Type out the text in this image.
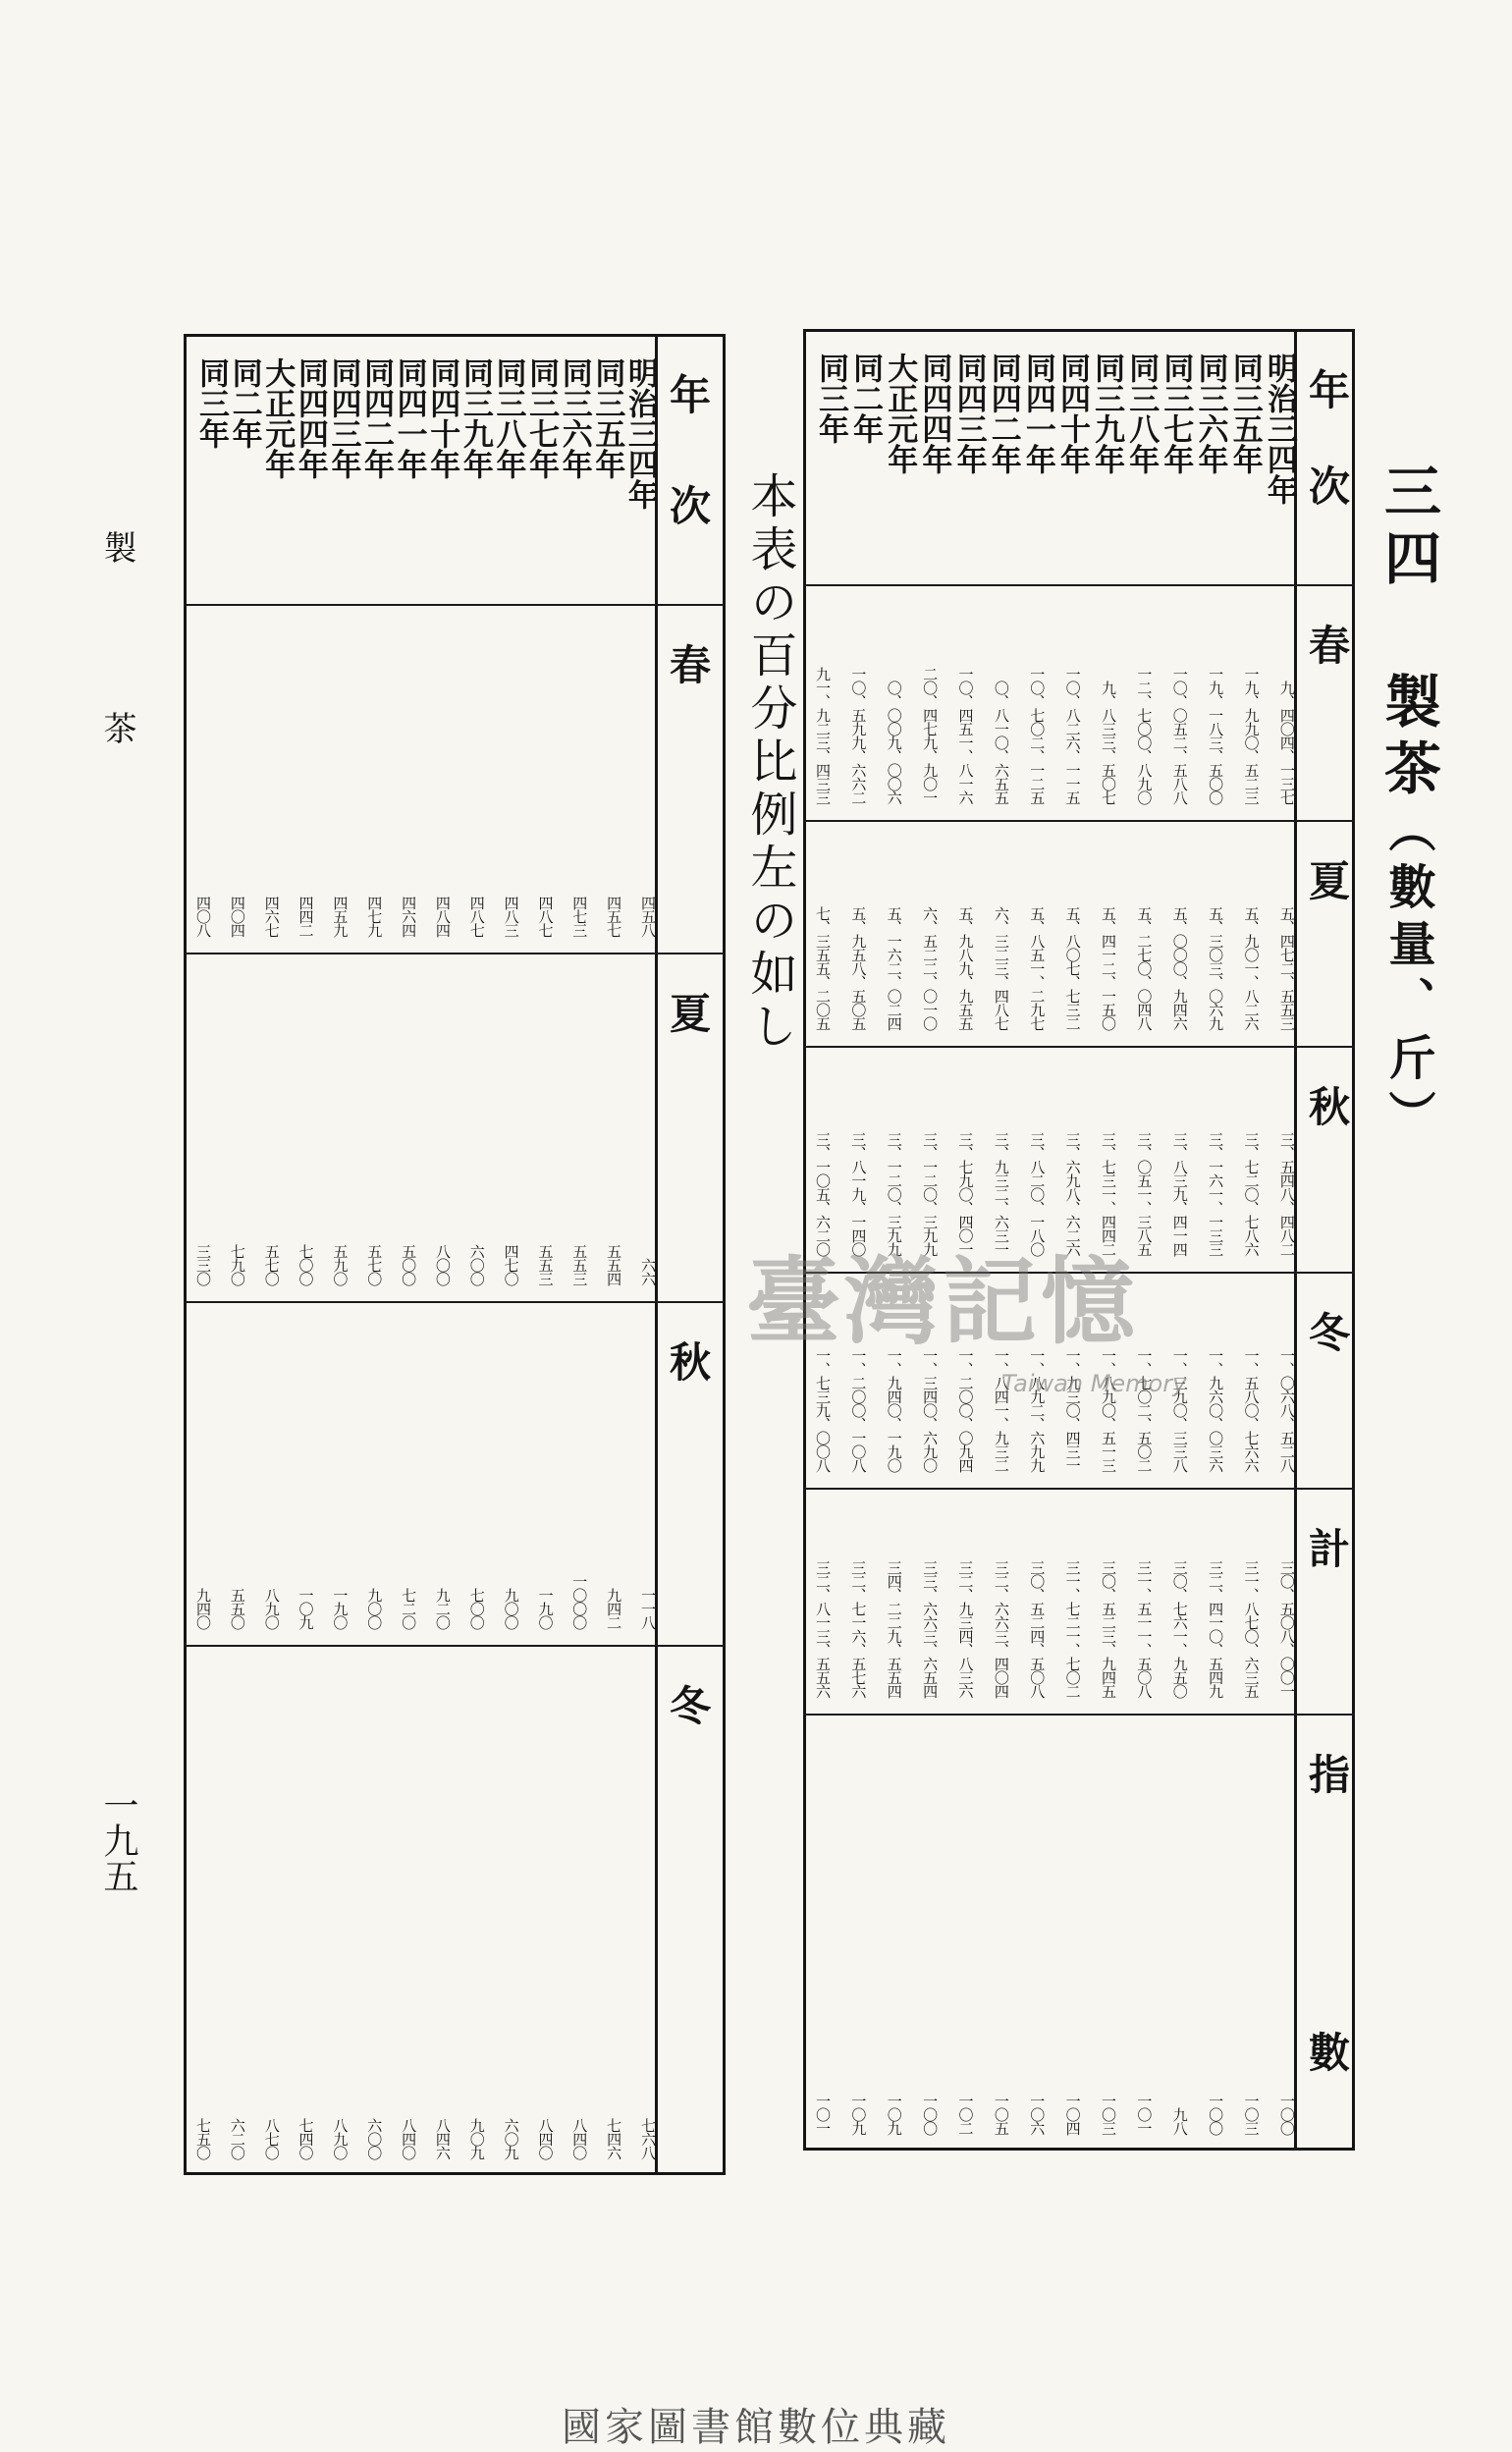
製茶
一九五
三四 製茶（數量、斤）
本表の百分比例左の如し
年次
明治三四年
同三五年
同三六年
同三七年
同三八年
同三九年
同四十年
同四一年
同四二年
同四三年
同四四年
大正元年
同二年
同三年
春
九、四〇四、一三七
一九、九九〇、五二三
一九、一八三、五〇〇
一〇、〇五二、五八八
一二、七〇〇、八九〇
九、八三三、五〇七
一〇、八二六、一一五
一〇、七〇二、一二五
〇、八一〇、六五五
一〇、四五一、八一六
二〇、四七九、九〇一
〇、〇〇九、〇〇六
一〇、五九九、六六二
九一、九二三、四三三
夏
五、四七二、五五三
五、九〇一、八二六
五、三〇三、〇六九
五、〇〇〇、九四六
五、二七〇、〇四八
五、四一二、一五〇
五、八〇七、七三二
五、八五一、二九七
六、三二三、四八七
五、九八九、九五五
六、五二二、〇一〇
五、一六二、〇二四
五、九五八、五〇五
七、三五五、二〇五
秋
三、五四八、四八二
三、七二〇、七八六
三、一六一、一三三
三、八三九、四一四
三、〇五一、三八五
三、七三一、四四二
三、六九八、六二六
三、八二〇、一八〇
三、九三二、六三一
三、七九〇、四〇一
三、一二〇、三九九
三、一二〇、三九九
三、八一九、一四〇
三、一〇五、六二〇
冬
一、〇六八、五二八
一、五八〇、七六六
一、九六〇、〇三六
一、三九〇、三三八
一、七〇二、五〇二
一、八九〇、五一三
一、九三〇、四三一
一、八九二、六九九
一、八四一、九三二
一、二〇〇、〇九四
一、三四〇、六九〇
一、九四〇、一九〇
一、二〇〇、一〇八
一、七三九、〇〇八
計
三〇、五〇八、〇〇一
三一、八七〇、六三五
三二、四一〇、五四九
三〇、七六一、九五〇
三一、五一一、五〇八
三〇、五二三、九四五
三一、七二一、七〇二
三〇、五二四、五〇八
三二、六六三、四〇四
三二、九三四、八三六
三三、六六三、六五四
三四、二二九、五五四
三二、七一六、五七六
三二、八一三、五五六
指數
一〇〇
一〇三
一〇〇
九八
一〇一
一〇三
一〇四
一〇六
一〇五
一〇二
一〇〇
一〇九
一〇九
一〇一
年次
明治三四年
同三五年
同三六年
同三七年
同三八年
同三九年
同四十年
同四一年
同四二年
同四三年
同四四年
大正元年
同二年
同三年
春
四五八
四五七
四七三
四八七
四八三
四八七
四八四
四六四
四七九
四五九
四四二
四六七
四〇四
四〇八
夏
六六
五五四
五五三
五五三
四七〇
六〇〇
八〇〇
五〇〇
五七〇
五九〇
七〇〇
五七〇
七九〇
三三〇
秋
一一八
九四二
一〇〇〇
一九〇
九〇〇
七〇〇
九二〇
七二〇
九〇〇
一九〇
一〇九
八九〇
五五〇
九四〇
冬
七六八
七四六
八四〇
八四〇
六〇九
九〇九
八四六
八四〇
六〇〇
八九〇
七四〇
八七〇
六二〇
七五〇
臺灣記憶
Taiwan Memory
國家圖書館數位典藏
